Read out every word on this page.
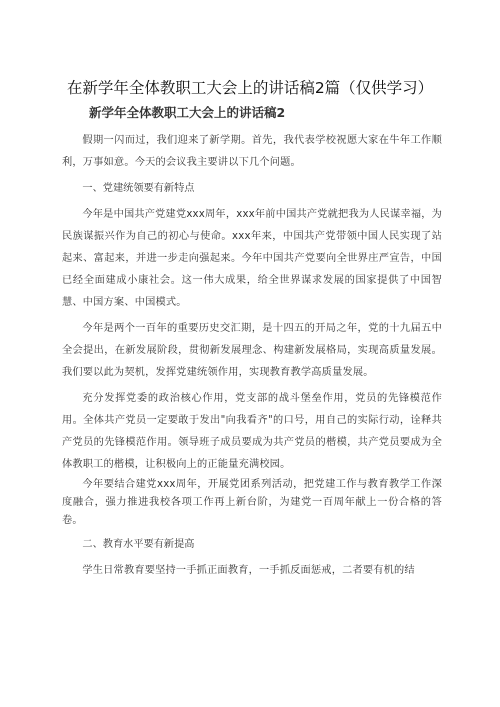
在新学年全体教职工大会上的讲话稿2篇（仅供学习）
新学年全体教职工大会上的讲话稿2

假期一闪而过，我们迎来了新学期。首先，我代表学校祝愿大家在牛年工作顺利，万事如意。今天的会议我主要讲以下几个问题。

一、党建统领要有新特点

今年是中国共产党建党xxx周年，xxx年前中国共产党就把我为人民谋幸福，为民族谋振兴作为自己的初心与使命。xxx年来，中国共产党带领中国人民实现了站起来、富起来，并进一步走向强起来。今年中国共产党要向全世界庄严宣告，中国已经全面建成小康社会。这一伟大成果，给全世界谋求发展的国家提供了中国智慧、中国方案、中国模式。

今年是两个一百年的重要历史交汇期，是十四五的开局之年，党的十九届五中全会提出，在新发展阶段，贯彻新发展理念、构建新发展格局，实现高质量发展。我们要以此为契机，发挥党建统领作用，实现教育教学高质量发展。

充分发挥党委的政治核心作用，党支部的战斗堡垒作用，党员的先锋模范作用。全体共产党员一定要敢于发出"向我看齐"的口号，用自己的实际行动，诠释共产党员的先锋模范作用。领导班子成员要成为共产党员的楷模，共产党员要成为全体教职工的楷模，让积极向上的正能量充满校园。

今年要结合建党xxx周年，开展党团系列活动，把党建工作与教育教学工作深度融合，强力推进我校各项工作再上新台阶，为建党一百周年献上一份合格的答卷。

二、教育水平要有新提高

学生日常教育要坚持一手抓正面教育，一手抓反面惩戒，二者要有机的结
